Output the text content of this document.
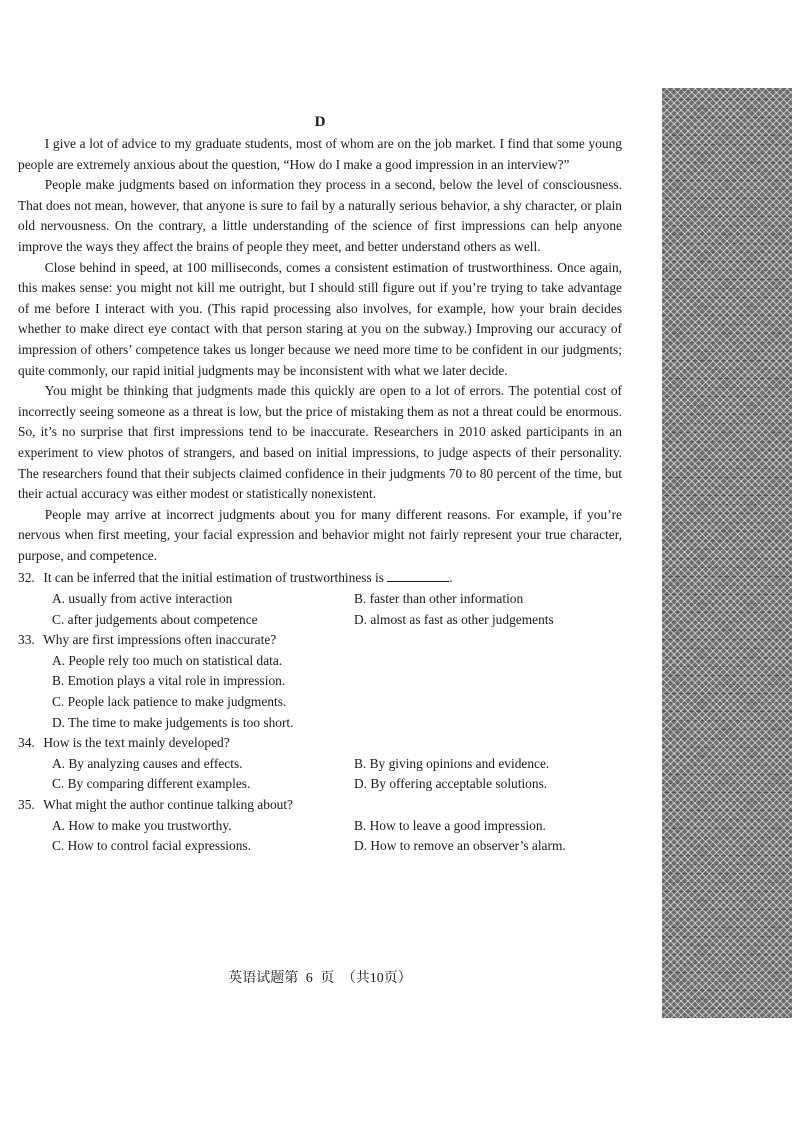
D

I give a lot of advice to my graduate students, most of whom are on the job market. I find that some young people are extremely anxious about the question, “How do I make a good impression in an interview?”

People make judgments based on information they process in a second, below the level of consciousness. That does not mean, however, that anyone is sure to fail by a naturally serious behavior, a shy character, or plain old nervousness. On the contrary, a little understanding of the science of first impressions can help anyone improve the ways they affect the brains of people they meet, and better understand others as well.

Close behind in speed, at 100 milliseconds, comes a consistent estimation of trustworthiness. Once again, this makes sense: you might not kill me outright, but I should still figure out if you’re trying to take advantage of me before I interact with you. (This rapid processing also involves, for example, how your brain decides whether to make direct eye contact with that person staring at you on the subway.) Improving our accuracy of impression of others’ competence takes us longer because we need more time to be confident in our judgments; quite commonly, our rapid initial judgments may be inconsistent with what we later decide.

You might be thinking that judgments made this quickly are open to a lot of errors. The potential cost of incorrectly seeing someone as a threat is low, but the price of mistaking them as not a threat could be enormous. So, it’s no surprise that first impressions tend to be inaccurate. Researchers in 2010 asked participants in an experiment to view photos of strangers, and based on initial impressions, to judge aspects of their personality. The researchers found that their subjects claimed confidence in their judgments 70 to 80 percent of the time, but their actual accuracy was either modest or statistically nonexistent.

People may arrive at incorrect judgments about you for many different reasons. For example, if you’re nervous when first meeting, your facial expression and behavior might not fairly represent your true character, purpose, and competence.

32. It can be inferred that the initial estimation of trustworthiness is	.
A. usually from active interaction	B. faster than other information
C. after judgements about competence	D. almost as fast as other judgements
33. Why are first impressions often inaccurate?
A. People rely too much on statistical data.
B. Emotion plays a vital role in impression.
C. People lack patience to make judgments.
D. The time to make judgements is too short.
34. How is the text mainly developed?
A. By analyzing causes and effects.	B. By giving opinions and evidence.
C. By comparing different examples.	D. By offering acceptable solutions.
35. What might the author continue talking about?
A. How to make you trustworthy.	B. How to leave a good impression.
C. How to control facial expressions.	D. How to remove an observer’s alarm.
英语试题第 6 页 （共10页）
